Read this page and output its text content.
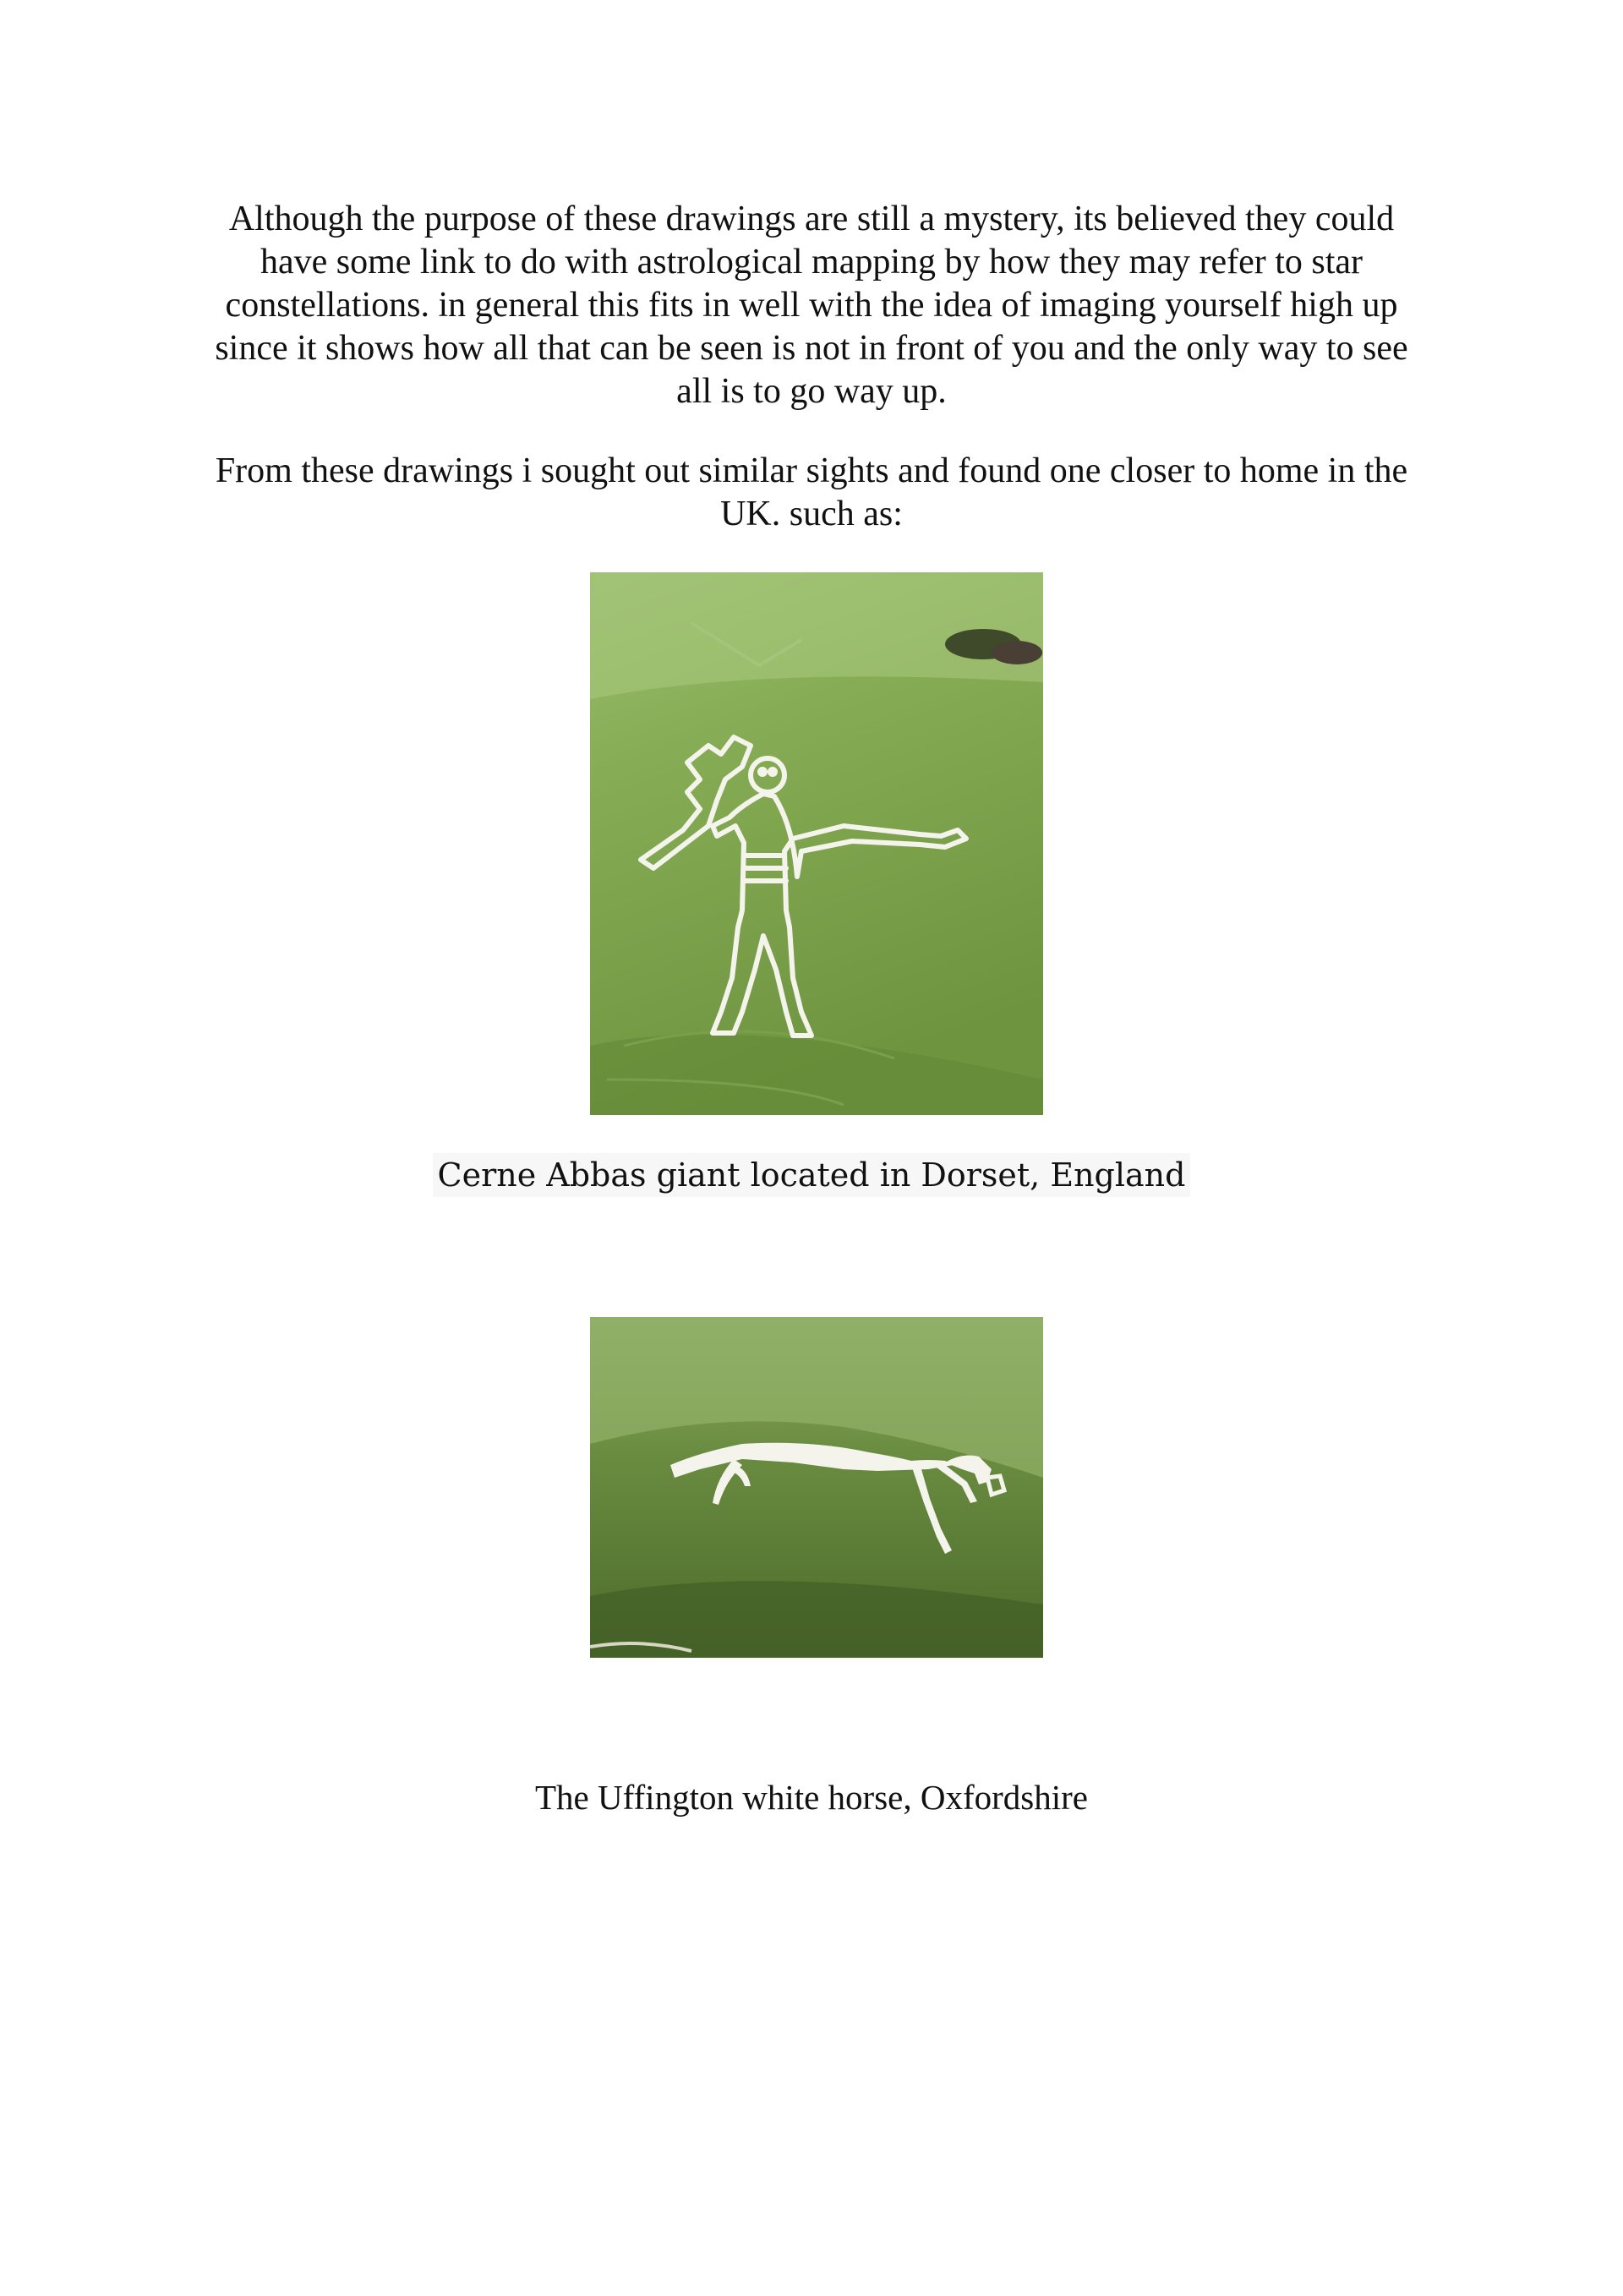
Although the purpose of these drawings are still a mystery, its believed they could have some link to do with astrological mapping by how they may refer to star constellations. in general this fits in well with the idea of imaging yourself high up since it shows how all that can be seen is not in front of you and the only way to see all is to go way up.

From these drawings i sought out similar sights and found one closer to home in the UK. such as:

Cerne Abbas giant located in Dorset, England

The Uffington white horse, Oxfordshire
